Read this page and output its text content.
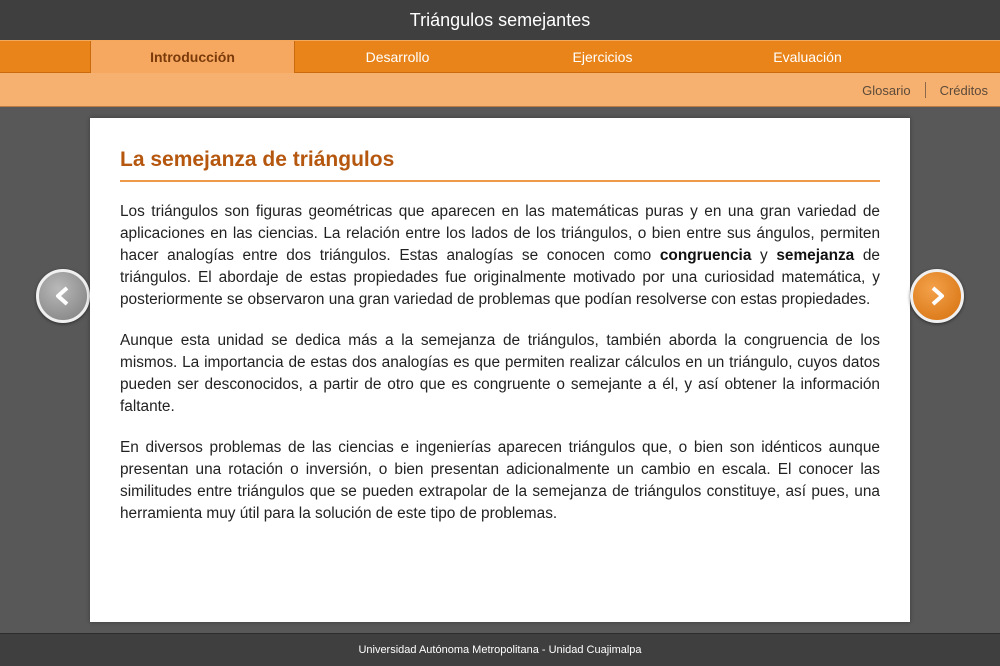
Triángulos semejantes
Introducción	Desarrollo	Ejercicios	Evaluación
Glosario Créditos
La semejanza de triángulos

Los triángulos son figuras geométricas que aparecen en las matemáticas puras y en una gran variedad de aplicaciones en las ciencias. La relación entre los lados de los triángulos, o bien entre sus ángulos, permiten hacer analogías entre dos triángulos. Estas analogías se conocen como congruencia y semejanza de triángulos. El abordaje de estas propiedades fue originalmente motivado por una curiosidad matemática, y posteriormente se observaron una gran variedad de problemas que podían resolverse con estas propiedades.

Aunque esta unidad se dedica más a la semejanza de triángulos, también aborda la congruencia de los mismos. La importancia de estas dos analogías es que permiten realizar cálculos en un triángulo, cuyos datos pueden ser desconocidos, a partir de otro que es congruente o semejante a él, y así obtener la información faltante.

En diversos problemas de las ciencias e ingenierías aparecen triángulos que, o bien son idénticos aunque presentan una rotación o inversión, o bien presentan adicionalmente un cambio en escala. El conocer las similitudes entre triángulos que se pueden extrapolar de la semejanza de triángulos constituye, así pues, una herramienta muy útil para la solución de este tipo de problemas.

Universidad Autónoma Metropolitana - Unidad Cuajimalpa
